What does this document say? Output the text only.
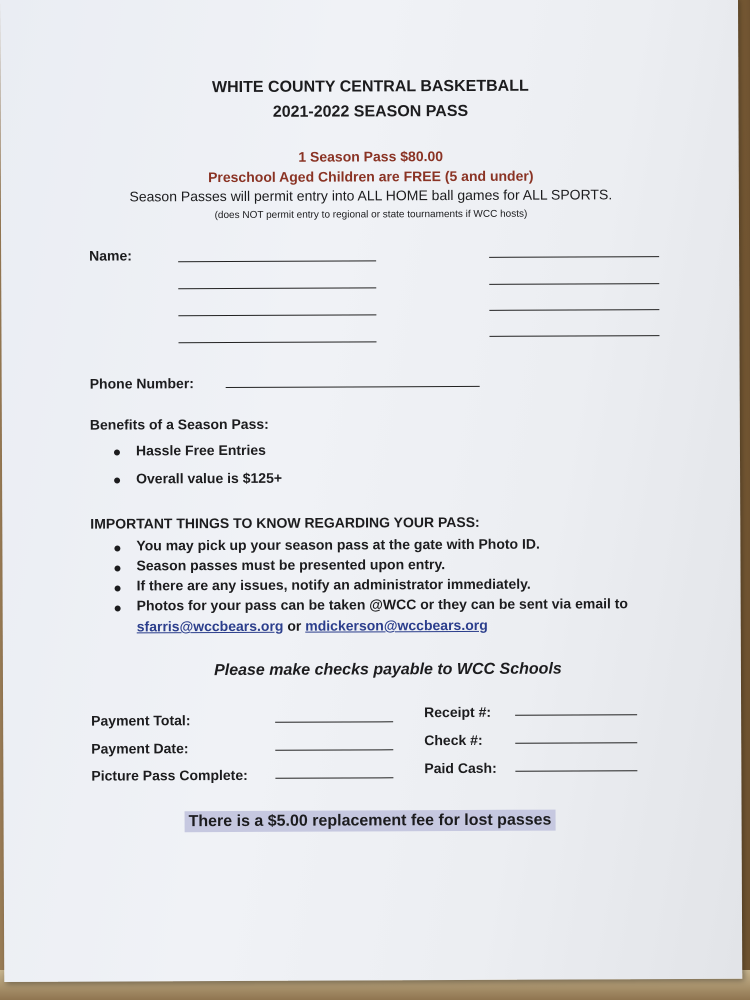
WHITE COUNTY CENTRAL BASKETBALL
2021-2022 SEASON PASS
1 Season Pass $80.00
Preschool Aged Children are FREE (5 and under)
Season Passes will permit entry into ALL HOME ball games for ALL SPORTS.
(does NOT permit entry to regional or state tournaments if WCC hosts)
Name:
Phone Number:
Benefits of a Season Pass:
Hassle Free Entries
Overall value is $125+
IMPORTANT THINGS TO KNOW REGARDING YOUR PASS:
You may pick up your season pass at the gate with Photo ID.
Season passes must be presented upon entry.
If there are any issues, notify an administrator immediately.
Photos for your pass can be taken @WCC or they can be sent via email to
sfarris@wccbears.org or mdickerson@wccbears.org
Please make checks payable to WCC Schools
Payment Total:
Payment Date:
Picture Pass Complete:
Receipt #:
Check #:
Paid Cash:
There is a $5.00 replacement fee for lost passes
